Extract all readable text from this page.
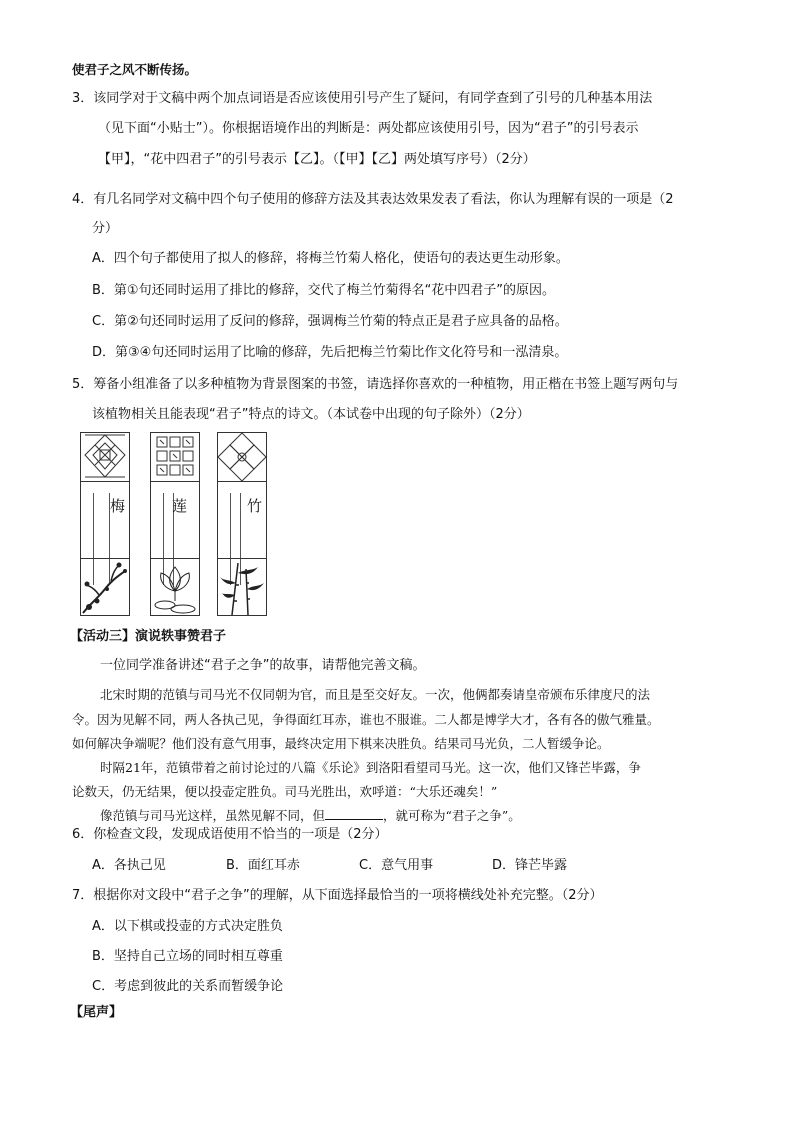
使君子之风不断传扬。
3．该同学对于文稿中两个加点词语是否应该使用引号产生了疑问，有同学查到了引号的几种基本用法
（见下面“小贴士”）。你根据语境作出的判断是：两处都应该使用引号，因为“君子”的引号表示
【甲】，“花中四君子”的引号表示【乙】。（【甲】【乙】两处填写序号）（2分）
4．有几名同学对文稿中四个句子使用的修辞方法及其表达效果发表了看法，你认为理解有误的一项是（2
分）
A．四个句子都使用了拟人的修辞，将梅兰竹菊人格化，使语句的表达更生动形象。
B．第①句还同时运用了排比的修辞，交代了梅兰竹菊得名“花中四君子”的原因。
C．第②句还同时运用了反问的修辞，强调梅兰竹菊的特点正是君子应具备的品格。
D．第③④句还同时运用了比喻的修辞，先后把梅兰竹菊比作文化符号和一泓清泉。
5．筹备小组准备了以多种植物为背景图案的书签，请选择你喜欢的一种植物，用正楷在书签上题写两句与
该植物相关且能表现“君子”特点的诗文。（本试卷中出现的句子除外）（2分）
梅	莲	竹
【活动三】演说轶事赞君子
一位同学准备讲述“君子之争”的故事，请帮他完善文稿。
北宋时期的范镇与司马光不仅同朝为官，而且是至交好友。一次，他俩都奏请皇帝颁布乐律度尺的法
令。因为见解不同，两人各执己见，争得面红耳赤，谁也不服谁。二人都是博学大才，各有各的傲气雅量。
如何解决争端呢？他们没有意气用事，最终决定用下棋来决胜负。结果司马光负，二人暂缓争论。
时隔21年，范镇带着之前讨论过的八篇《乐论》到洛阳看望司马光。这一次，他们又锋芒毕露，争
论数天，仍无结果，便以投壶定胜负。司马光胜出，欢呼道：“大乐还魂矣！”
像范镇与司马光这样，虽然见解不同，但	，就可称为“君子之争”。
6．你检查文段，发现成语使用不恰当的一项是（2分）
A．各执己见	B．面红耳赤	C．意气用事	D．锋芒毕露
7．根据你对文段中“君子之争”的理解，从下面选择最恰当的一项将横线处补充完整。（2分）
A．以下棋或投壶的方式决定胜负
B．坚持自己立场的同时相互尊重
C．考虑到彼此的关系而暂缓争论
【尾声】
